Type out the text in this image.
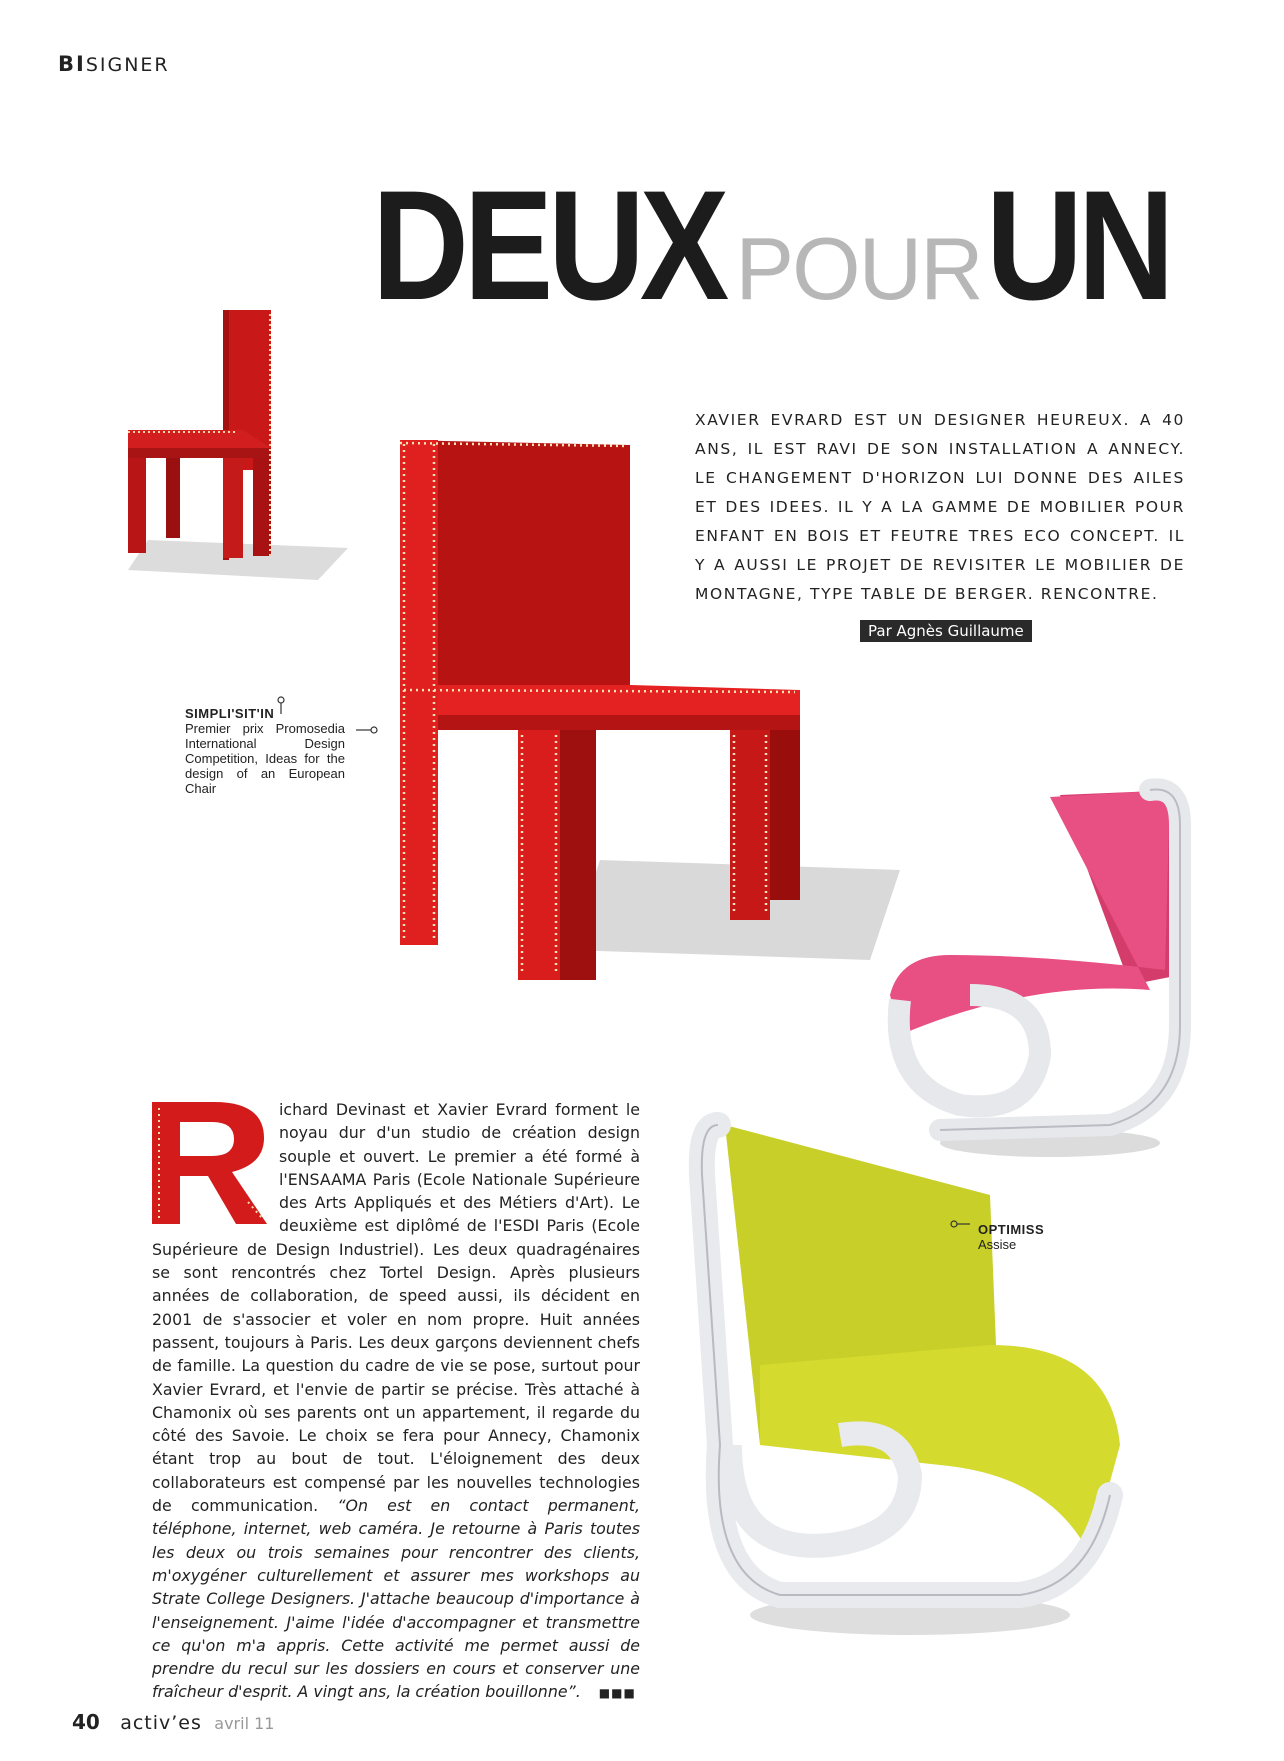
BISIGNER
DEUX POUR UN
XAVIER EVRARD EST UN DESIGNER HEUREUX. A 40 ANS, IL EST RAVI DE SON INSTALLATION A ANNECY. LE CHANGEMENT D'HORIZON LUI DONNE DES AILES ET DES IDEES. IL Y A LA GAMME DE MOBILIER POUR ENFANT EN BOIS ET FEUTRE TRES ECO CONCEPT. IL Y A AUSSI LE PROJET DE REVISITER LE MOBILIER DE MONTAGNE, TYPE TABLE DE BERGER. RENCONTRE.
Par Agnès Guillaume
SIMPLI'SIT'IN
Premier prix Promosedia International Design Competition, Ideas for the design of an European Chair
OPTIMISS
Assise
ichard Devinast et Xavier Evrard forment le noyau dur d'un studio de création design souple et ouvert. Le premier a été formé à l'ENSAAMA Paris (Ecole Nationale Supérieure des Arts Appliqués et des Métiers d'Art). Le deuxième est diplômé de l'ESDI Paris (Ecole Supérieure de Design Industriel). Les deux quadragénaires se sont rencontrés chez Tortel Design. Après plusieurs années de collaboration, de speed aussi, ils décident en 2001 de s'associer et voler en nom propre. Huit années passent, toujours à Paris. Les deux garçons deviennent chefs de famille. La question du cadre de vie se pose, surtout pour Xavier Evrard, et l'envie de partir se précise. Très attaché à Chamonix où ses parents ont un appartement, il regarde du côté des Savoie. Le choix se fera pour Annecy, Chamonix étant trop au bout de tout. L'éloignement des deux collaborateurs est compensé par les nouvelles technologies de communication. “On est en contact permanent, téléphone, internet, web caméra. Je retourne à Paris toutes les deux ou trois semaines pour rencontrer des clients, m'oxygéner culturellement et assurer mes workshops au Strate College Designers. J'attache beaucoup d'importance à l'enseignement. J'aime l'idée d'accompagner et transmettre ce qu'on m'a appris. Cette activité me permet aussi de prendre du recul sur les dossiers en cours et conserver une fraîcheur d'esprit. A vingt ans, la création bouillonne”. ■■■
40 activ’es avril 11
